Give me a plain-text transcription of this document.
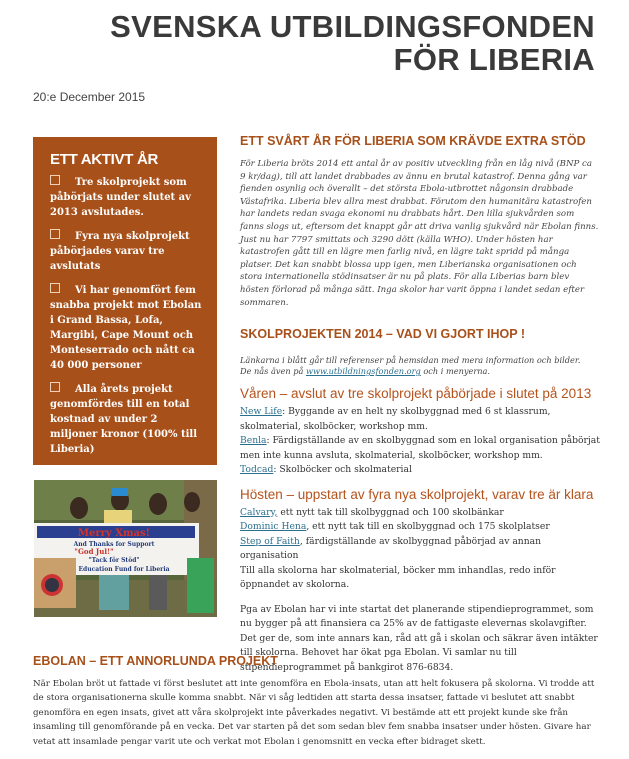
SVENSKA UTBILDINGSFONDEN
FÖR LIBERIA
20:e December 2015
ETT AKTIVT ÅR
Tre skolprojekt som påbörjats under slutet av 2013 avslutades.
Fyra nya skolprojekt påbörjades varav tre avslutats
Vi har genomfört fem snabba projekt mot Ebolan i Grand Bassa, Lofa, Margibi, Cape Mount och Monteserrado och nått ca 40 000 personer
Alla årets projekt genomfördes till en total kostnad av under 2 miljoner kronor (100% till Liberia)
Merry Xmas!
And Thanks for Support
"God Jul!"
"Tack för Stöd"
Education Fund for Liberia
ETT SVÅRT ÅR FÖR LIBERIA SOM KRÄVDE EXTRA STÖD

För Liberia bröts 2014 ett antal år av positiv utveckling från en låg nivå (BNP ca 9 kr/dag), till att landet drabbades av ännu en brutal katastrof. Denna gång var fienden osynlig och överallt – det största Ebola-utbrottet någonsin drabbade Västafrika. Liberia blev allra mest drabbat. Förutom den humanitära katastrofen har landets redan svaga ekonomi nu drabbats hårt. Den lilla sjukvården som fanns slogs ut, eftersom det knappt går att driva vanlig sjukvård när Ebolan finns. Just nu har 7797 smittats och 3290 dött (källa WHO). Under hösten har katastrofen gått till en lägre men farlig nivå, en lägre takt spridd på många platser. Det kan snabbt blossa upp igen, men Liberianska organisationen och stora internationella stödinsatser är nu på plats. För alla Liberias barn blev hösten förlorad på många sätt. Inga skolor har varit öppna i landet sedan efter sommaren.

SKOLPROJEKTEN 2014 – VAD VI GJORT IHOP !

Länkarna i blått går till referenser på hemsidan med mera information och bilder.
De nås även på www.utbildningsfonden.org och i menyerna.

Våren – avslut av tre skolprojekt påbörjade i slutet på 2013

New Life: Byggande av en helt ny skolbyggnad med 6 st klassrum, skolmaterial, skolböcker, workshop mm.
Benla: Färdigställande av en skolbyggnad som en lokal organisation påbörjat men inte kunna avsluta, skolmaterial, skolböcker, workshop mm.
Todcad: Skolböcker och skolmaterial

Hösten – uppstart av fyra nya skolprojekt, varav tre är klara

Calvary, ett nytt tak till skolbyggnad och 100 skolbänkar
Dominic Hena, ett nytt tak till en skolbyggnad och 175 skolplatser
Step of Faith, färdigställande av skolbyggnad påbörjad av annan organisation
Till alla skolorna har skolmaterial, böcker mm inhandlas, redo inför öppnandet av skolorna.

Pga av Ebolan har vi inte startat det planerande stipendieprogrammet, som nu bygger på att finansiera ca 25% av de fattigaste elevernas skolavgifter. Det ger de, som inte annars kan, råd att gå i skolan och säkrar även intäkter till skolorna. Behovet har ökat pga Ebolan. Vi samlar nu till stipendieprogrammet på bankgirot 876-6834.

EBOLAN – ETT ANNORLUNDA PROJEKT

När Ebolan bröt ut fattade vi först beslutet att inte genomföra en Ebola-insats, utan att helt fokusera på skolorna. Vi trodde att de stora organisationerna skulle komma snabbt. När vi såg ledtiden att starta dessa insatser, fattade vi beslutet att snabbt genomföra en egen insats, givet att våra skolprojekt inte påverkades negativt. Vi bestämde att ett projekt kunde ske från insamling till genomförande på en vecka. Det var starten på det som sedan blev fem snabba insatser under hösten. Givare har vetat att insamlade pengar varit ute och verkat mot Ebolan i genomsnitt en vecka efter bidraget skett.
